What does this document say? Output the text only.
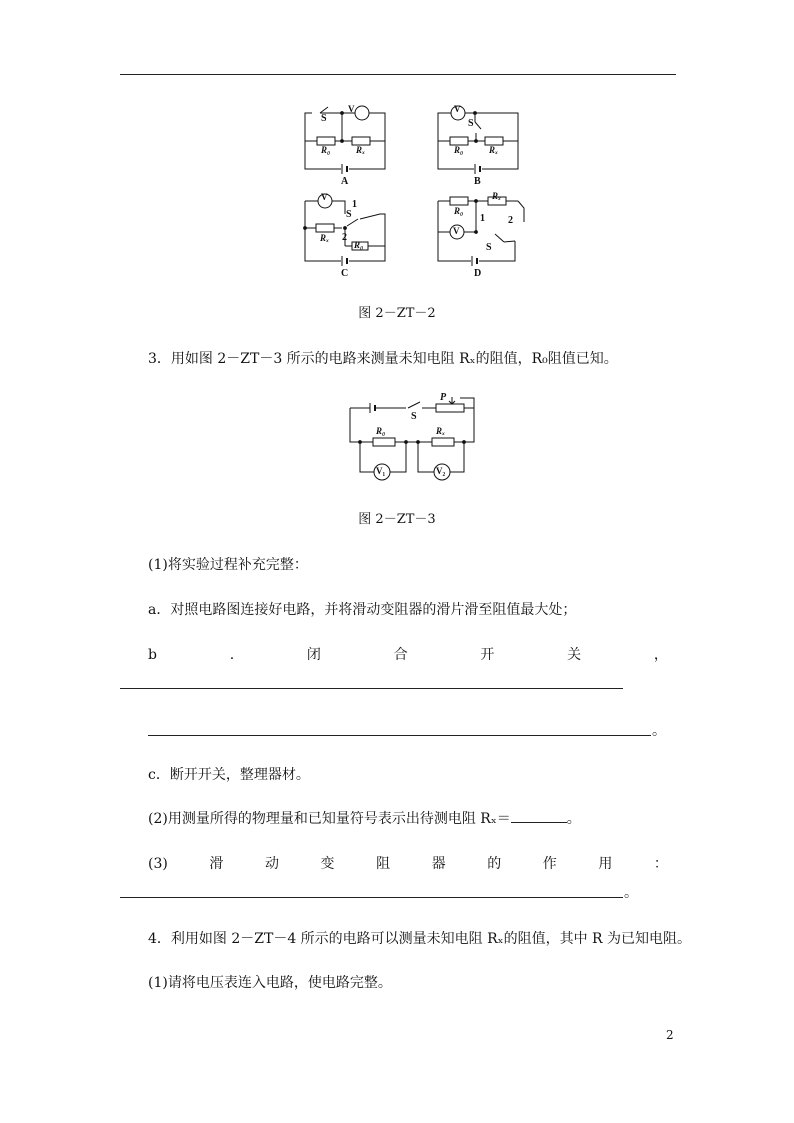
S
V
R₀	Rₓ
A
V
S
R₀	Rₓ
B
V
1
S
Rₓ 2
R₀
C
R₀
Rₓ
1 2
V
S
D
图 2－ZT－2
3．用如图 2－ZT－3 所示的电路来测量未知电阻 Rₓ的阻值，R₀阻值已知。
S
P
R₀	Rₓ
V₁	V₂
图 2－ZT－3
(1)将实验过程补充完整：
a．对照电路图连接好电路，并将滑动变阻器的滑片滑至阻值最大处；
b	.	闭	合	开	关	，
。
c．断开开关，整理器材。
(2)用测量所得的物理量和已知量符号表示出待测电阻 Rₓ＝	。
(3)	滑	动	变	阻	器	的	作	用	：
。
4．利用如图 2－ZT－4 所示的电路可以测量未知电阻 Rₓ的阻值，其中 R 为已知电阻。
(1)请将电压表连入电路，使电路完整。
2
